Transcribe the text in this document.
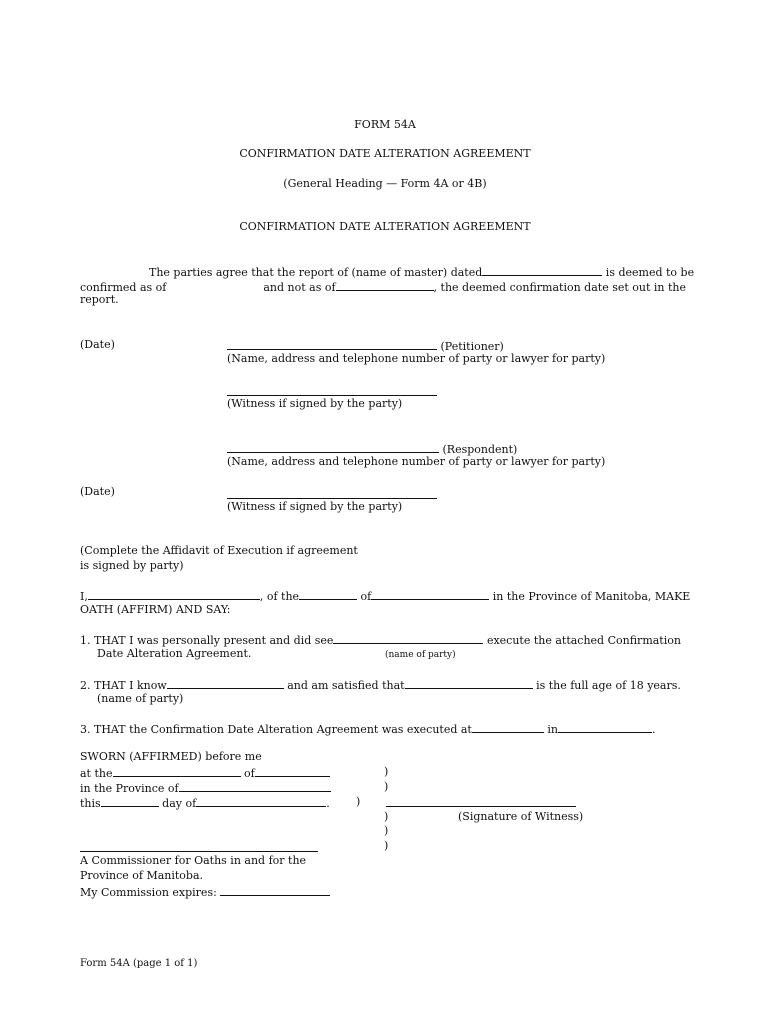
FORM 54A
CONFIRMATION DATE ALTERATION AGREEMENT
(General Heading — Form 4A or 4B)
CONFIRMATION DATE ALTERATION AGREEMENT
The parties agree that the report of (name of master) dated	is deemed to be
confirmed as of	and not as of	, the deemed confirmation date set out in the
report.
(Date)	(Petitioner)
(Name, address and telephone number of party or lawyer for party)
(Witness if signed by the party)
(Respondent)
(Name, address and telephone number of party or lawyer for party)
(Date)
(Witness if signed by the party)
(Complete the Affidavit of Execution if agreement
is signed by party)
I,	, of the	of	in the Province of Manitoba, MAKE
OATH (AFFIRM) AND SAY:
1. THAT I was personally present and did see	execute the attached Confirmation
Date Alteration Agreement.	(name of party)
2. THAT I know	and am satisfied that	is the full age of 18 years.
(name of party)
3. THAT the Confirmation Date Alteration Agreement was executed at	in	.
SWORN (AFFIRMED) before me
at the	of
in the Province of
this	day of	.
)
)
)
)
)
)
(Signature of Witness)
A Commissioner for Oaths in and for the
Province of Manitoba.
My Commission expires:
Form 54A (page 1 of 1)
